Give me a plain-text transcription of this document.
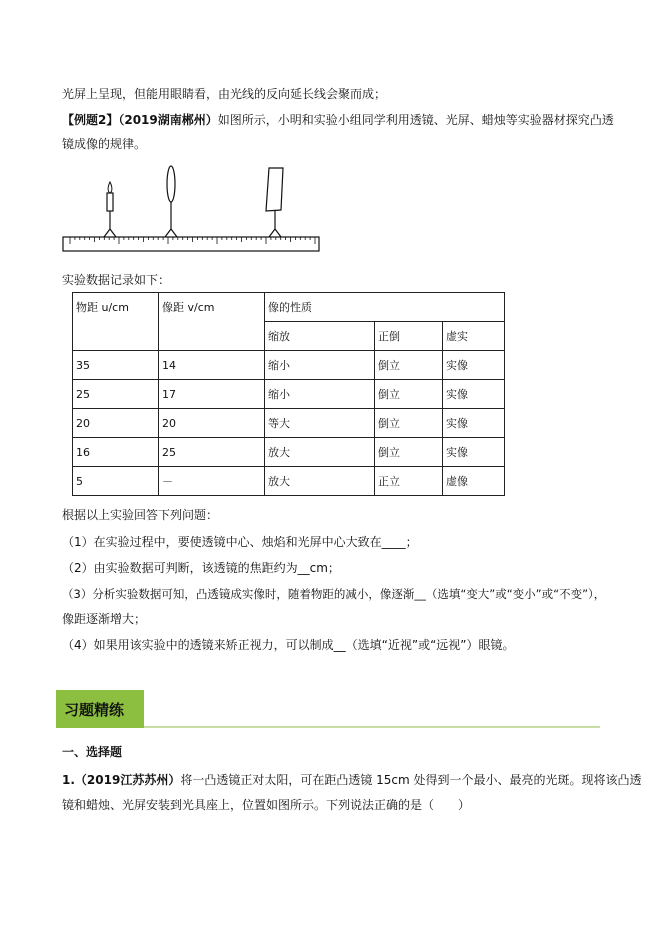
光屏上呈现，但能用眼睛看，由光线的反向延长线会聚而成；
【例题2】（2019湖南郴州）如图所示，小明和实验小组同学利用透镜、光屏、蜡烛等实验器材探究凸透
镜成像的规律。
实验数据记录如下：
物距 u/cm	像距 v/cm	像的性质		
		缩放	正倒	虚实
35	14	缩小	倒立	实像
25	17	缩小	倒立	实像
20	20	等大	倒立	实像
16	25	放大	倒立	实像
5	－	放大	正立	虚像
根据以上实验回答下列问题：
（1）在实验过程中，要使透镜中心、烛焰和光屏中心大致在____；
（2）由实验数据可判断，该透镜的焦距约为__cm；
（3）分析实验数据可知，凸透镜成实像时，随着物距的减小，像逐渐__（选填“变大”或“变小”或“不变”），
像距逐渐增大；
（4）如果用该实验中的透镜来矫正视力，可以制成__（选填“近视”或“远视”）眼镜。
习题精练
一、选择题
1.（2019江苏苏州）将一凸透镜正对太阳，可在距凸透镜 15cm 处得到一个最小、最亮的光斑。现将该凸透
镜和蜡烛、光屏安装到光具座上，位置如图所示。下列说法正确的是（　　）
